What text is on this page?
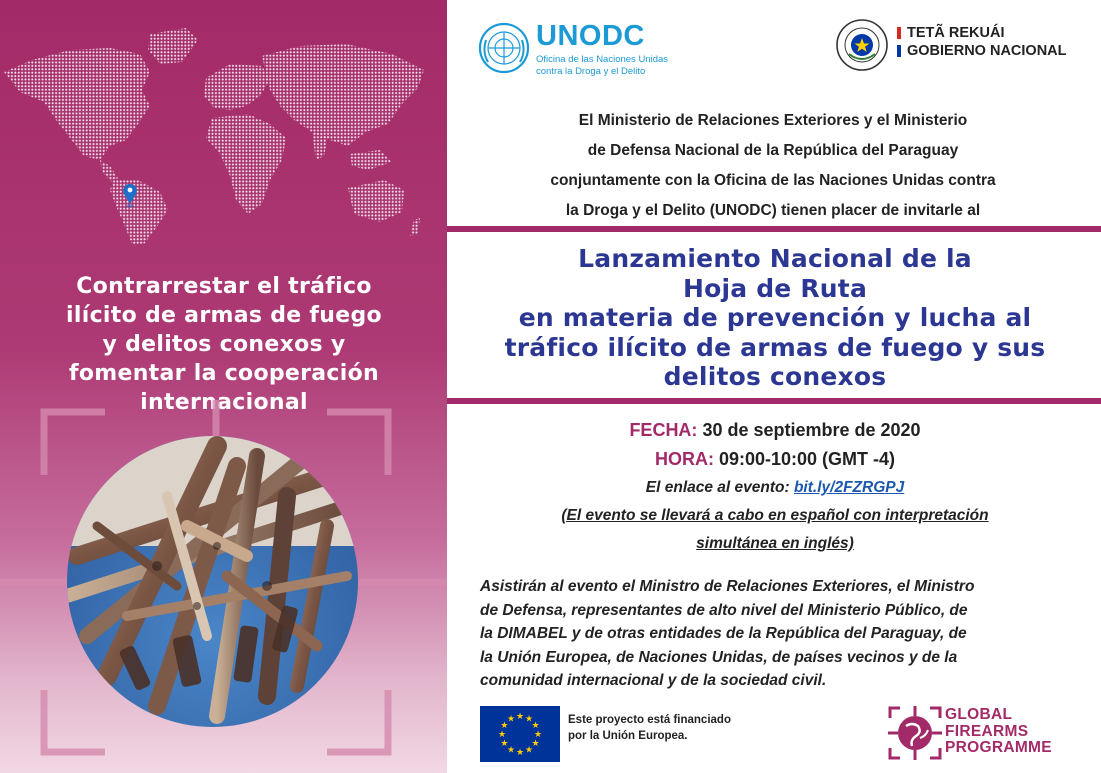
Contrarrestar el tráfico
ilícito de armas de fuego
y delitos conexos y
fomentar la cooperación
internacional
UNODC
Oficina de las Naciones Unidas
contra la Droga y el Delito
TETÃ REKUÁI
GOBIERNO NACIONAL
El Ministerio de Relaciones Exteriores y el Ministerio
de Defensa Nacional de la República del Paraguay
conjuntamente con la Oficina de las Naciones Unidas contra
la Droga y el Delito (UNODC) tienen placer de invitarle al
Lanzamiento Nacional de la
Hoja de Ruta
en materia de prevención y lucha al
tráfico ilícito de armas de fuego y sus
delitos conexos
FECHA: 30 de septiembre de 2020
HORA: 09:00-10:00 (GMT -4)
El enlace al evento: bit.ly/2FZRGPJ
(El evento se llevará a cabo en español con interpretación
simultánea en inglés)
Asistirán al evento el Ministro de Relaciones Exteriores, el Ministro
de Defensa, representantes de alto nivel del Ministerio Público, de
la DIMABEL y de otras entidades de la República del Paraguay, de
la Unión Europea, de Naciones Unidas, de países vecinos y de la
comunidad internacional y de la sociedad civil.
★ ★
★
★
★
★
★
★
★
★
★
★	Este proyecto está financiado
por la Unión Europea.
GLOBAL
FIREARMS
PROGRAMME
